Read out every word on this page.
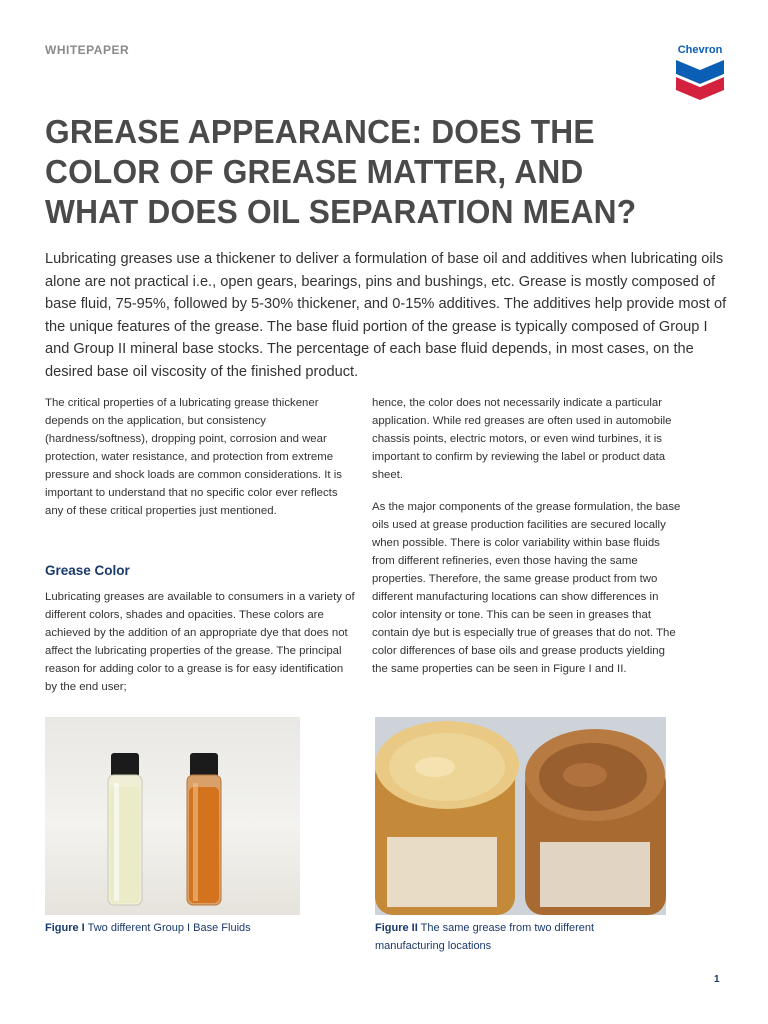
WHITEPAPER	Chevron
GREASE APPEARANCE: DOES THE COLOR OF GREASE MATTER, AND WHAT DOES OIL SEPARATION MEAN?

Lubricating greases use a thickener to deliver a formulation of base oil and additives when lubricating oils alone are not practical i.e., open gears, bearings, pins and bushings, etc. Grease is mostly composed of base fluid, 75-95%, followed by 5-30% thickener, and 0-15% additives. The additives help provide most of the unique features of the grease. The base fluid portion of the grease is typically composed of Group I and Group II mineral base stocks. The percentage of each base fluid depends, in most cases, on the desired base oil viscosity of the finished product.

The critical properties of a lubricating grease thickener depends on the application, but consistency (hardness/softness), dropping point, corrosion and wear protection, water resistance, and protection from extreme pressure and shock loads are common considerations. It is important to understand that no specific color ever reflects any of these critical properties just mentioned.

Grease Color

Lubricating greases are available to consumers in a variety of different colors, shades and opacities. These colors are achieved by the addition of an appropriate dye that does not affect the lubricating properties of the grease. The principal reason for adding color to a grease is for easy identification by the end user;

hence, the color does not necessarily indicate a particular application. While red greases are often used in automobile chassis points, electric motors, or even wind turbines, it is important to confirm by reviewing the label or product data sheet.

As the major components of the grease formulation, the base oils used at grease production facilities are secured locally when possible. There is color variability within base fluids from different refineries, even those having the same properties. Therefore, the same grease product from two different manufacturing locations can show differences in color intensity or tone. This can be seen in greases that contain dye but is especially true of greases that do not. The color differences of base oils and grease products yielding the same properties can be seen in Figure I and II.

Figure I Two different Group I Base Fluids	Figure II The same grease from two different manufacturing locations
1
